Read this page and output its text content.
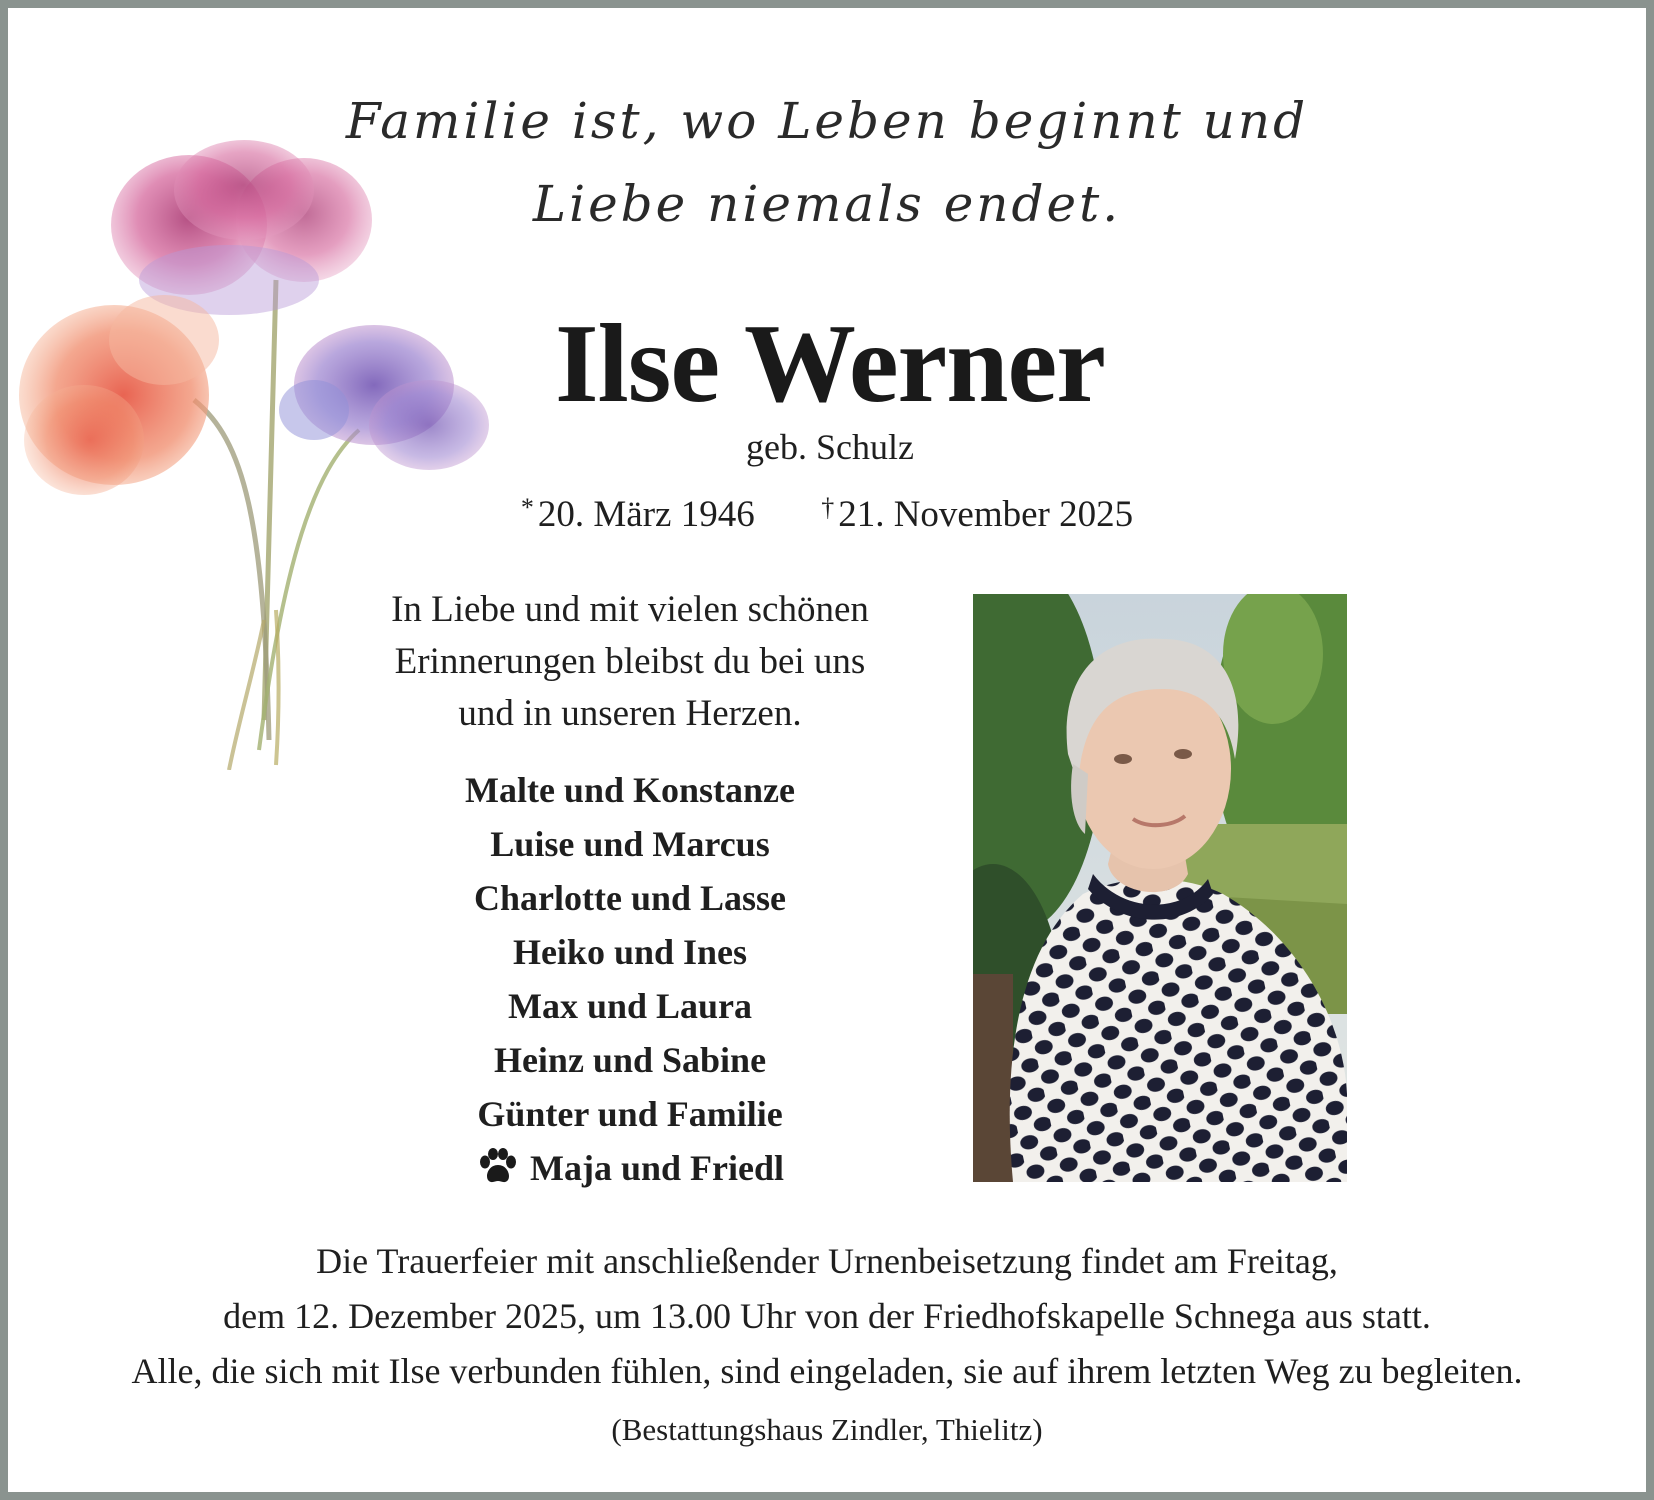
Familie ist, wo Leben beginnt und
Liebe niemals endet.
Ilse Werner
geb. Schulz
* 20. März 1946	† 21. November 2025
In Liebe und mit vielen schönen
Erinnerungen bleibst du bei uns
und in unseren Herzen.
Malte und Konstanze
Luise und Marcus
Charlotte und Lasse
Heiko und Ines
Max und Laura
Heinz und Sabine
Günter und Familie
Maja und Friedl
Die Trauerfeier mit anschließender Urnenbeisetzung findet am Freitag,
dem 12. Dezember 2025, um 13.00 Uhr von der Friedhofskapelle Schnega aus statt.
Alle, die sich mit Ilse verbunden fühlen, sind eingeladen, sie auf ihrem letzten Weg zu begleiten.
(Bestattungshaus Zindler, Thielitz)
